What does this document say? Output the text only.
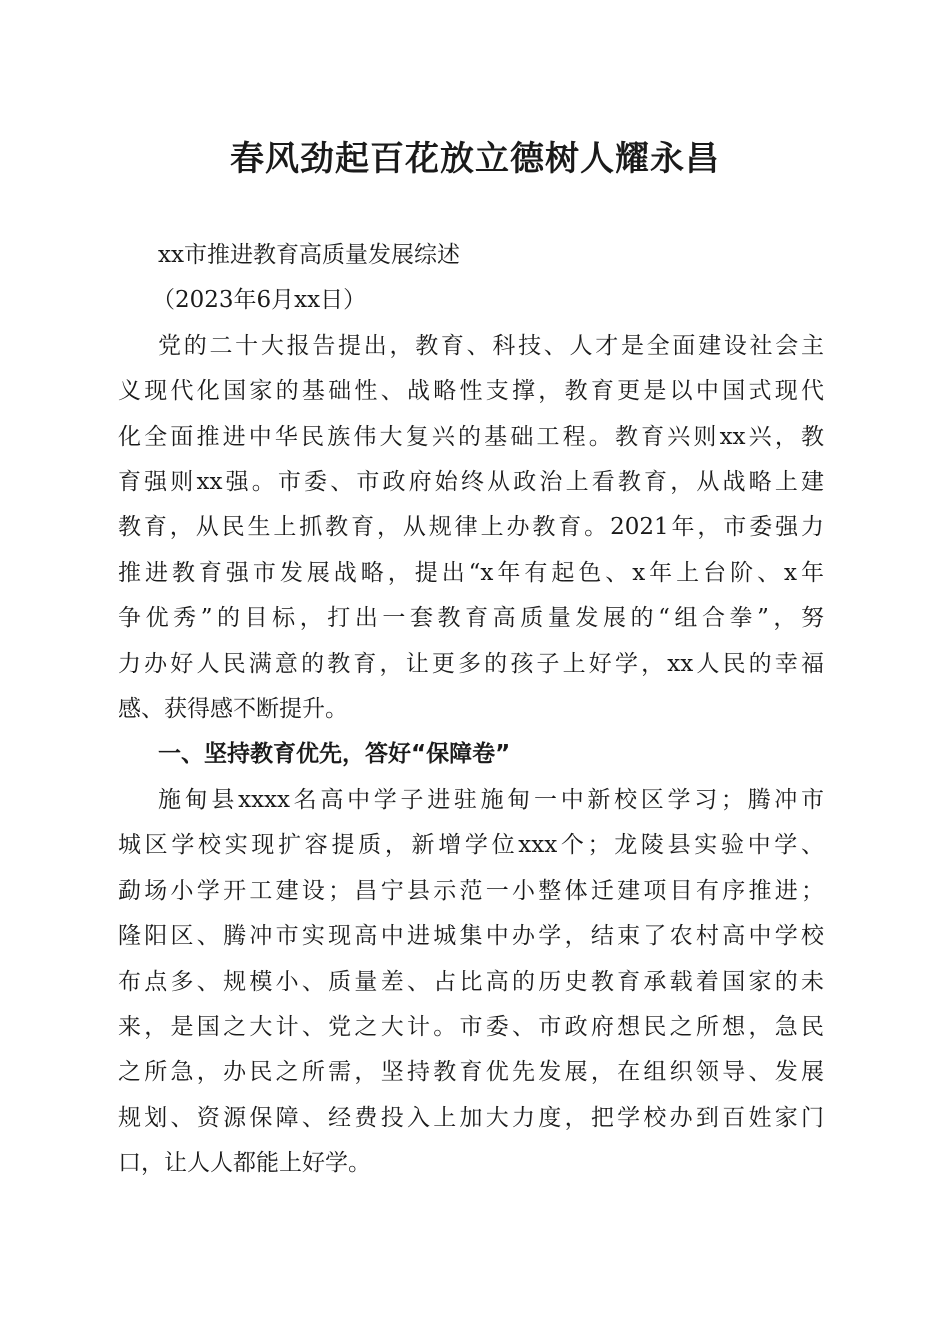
春风劲起百花放立德树人耀永昌

xx市推进教育高质量发展综述

（2023年6月xx日）

党的二十大报告提出，教育、科技、人才是全面建设社会主

义现代化国家的基础性、战略性支撑，教育更是以中国式现代

化全面推进中华民族伟大复兴的基础工程。教育兴则xx兴，教

育强则xx强。市委、市政府始终从政治上看教育，从战略上建

教育，从民生上抓教育，从规律上办教育。2021年，市委强力

推进教育强市发展战略，提出“x年有起色、x年上台阶、x年

争优秀”的目标，打出一套教育高质量发展的“组合拳”，努

力办好人民满意的教育，让更多的孩子上好学，xx人民的幸福

感、获得感不断提升。

一、坚持教育优先，答好“保障卷”

施甸县xxxx名高中学子进驻施甸一中新校区学习；腾冲市

城区学校实现扩容提质，新增学位xxx个；龙陵县实验中学、

勐场小学开工建设；昌宁县示范一小整体迁建项目有序推进；

隆阳区、腾冲市实现高中进城集中办学，结束了农村高中学校

布点多、规模小、质量差、占比高的历史教育承载着国家的未

来，是国之大计、党之大计。市委、市政府想民之所想，急民

之所急，办民之所需，坚持教育优先发展，在组织领导、发展

规划、资源保障、经费投入上加大力度，把学校办到百姓家门

口，让人人都能上好学。
